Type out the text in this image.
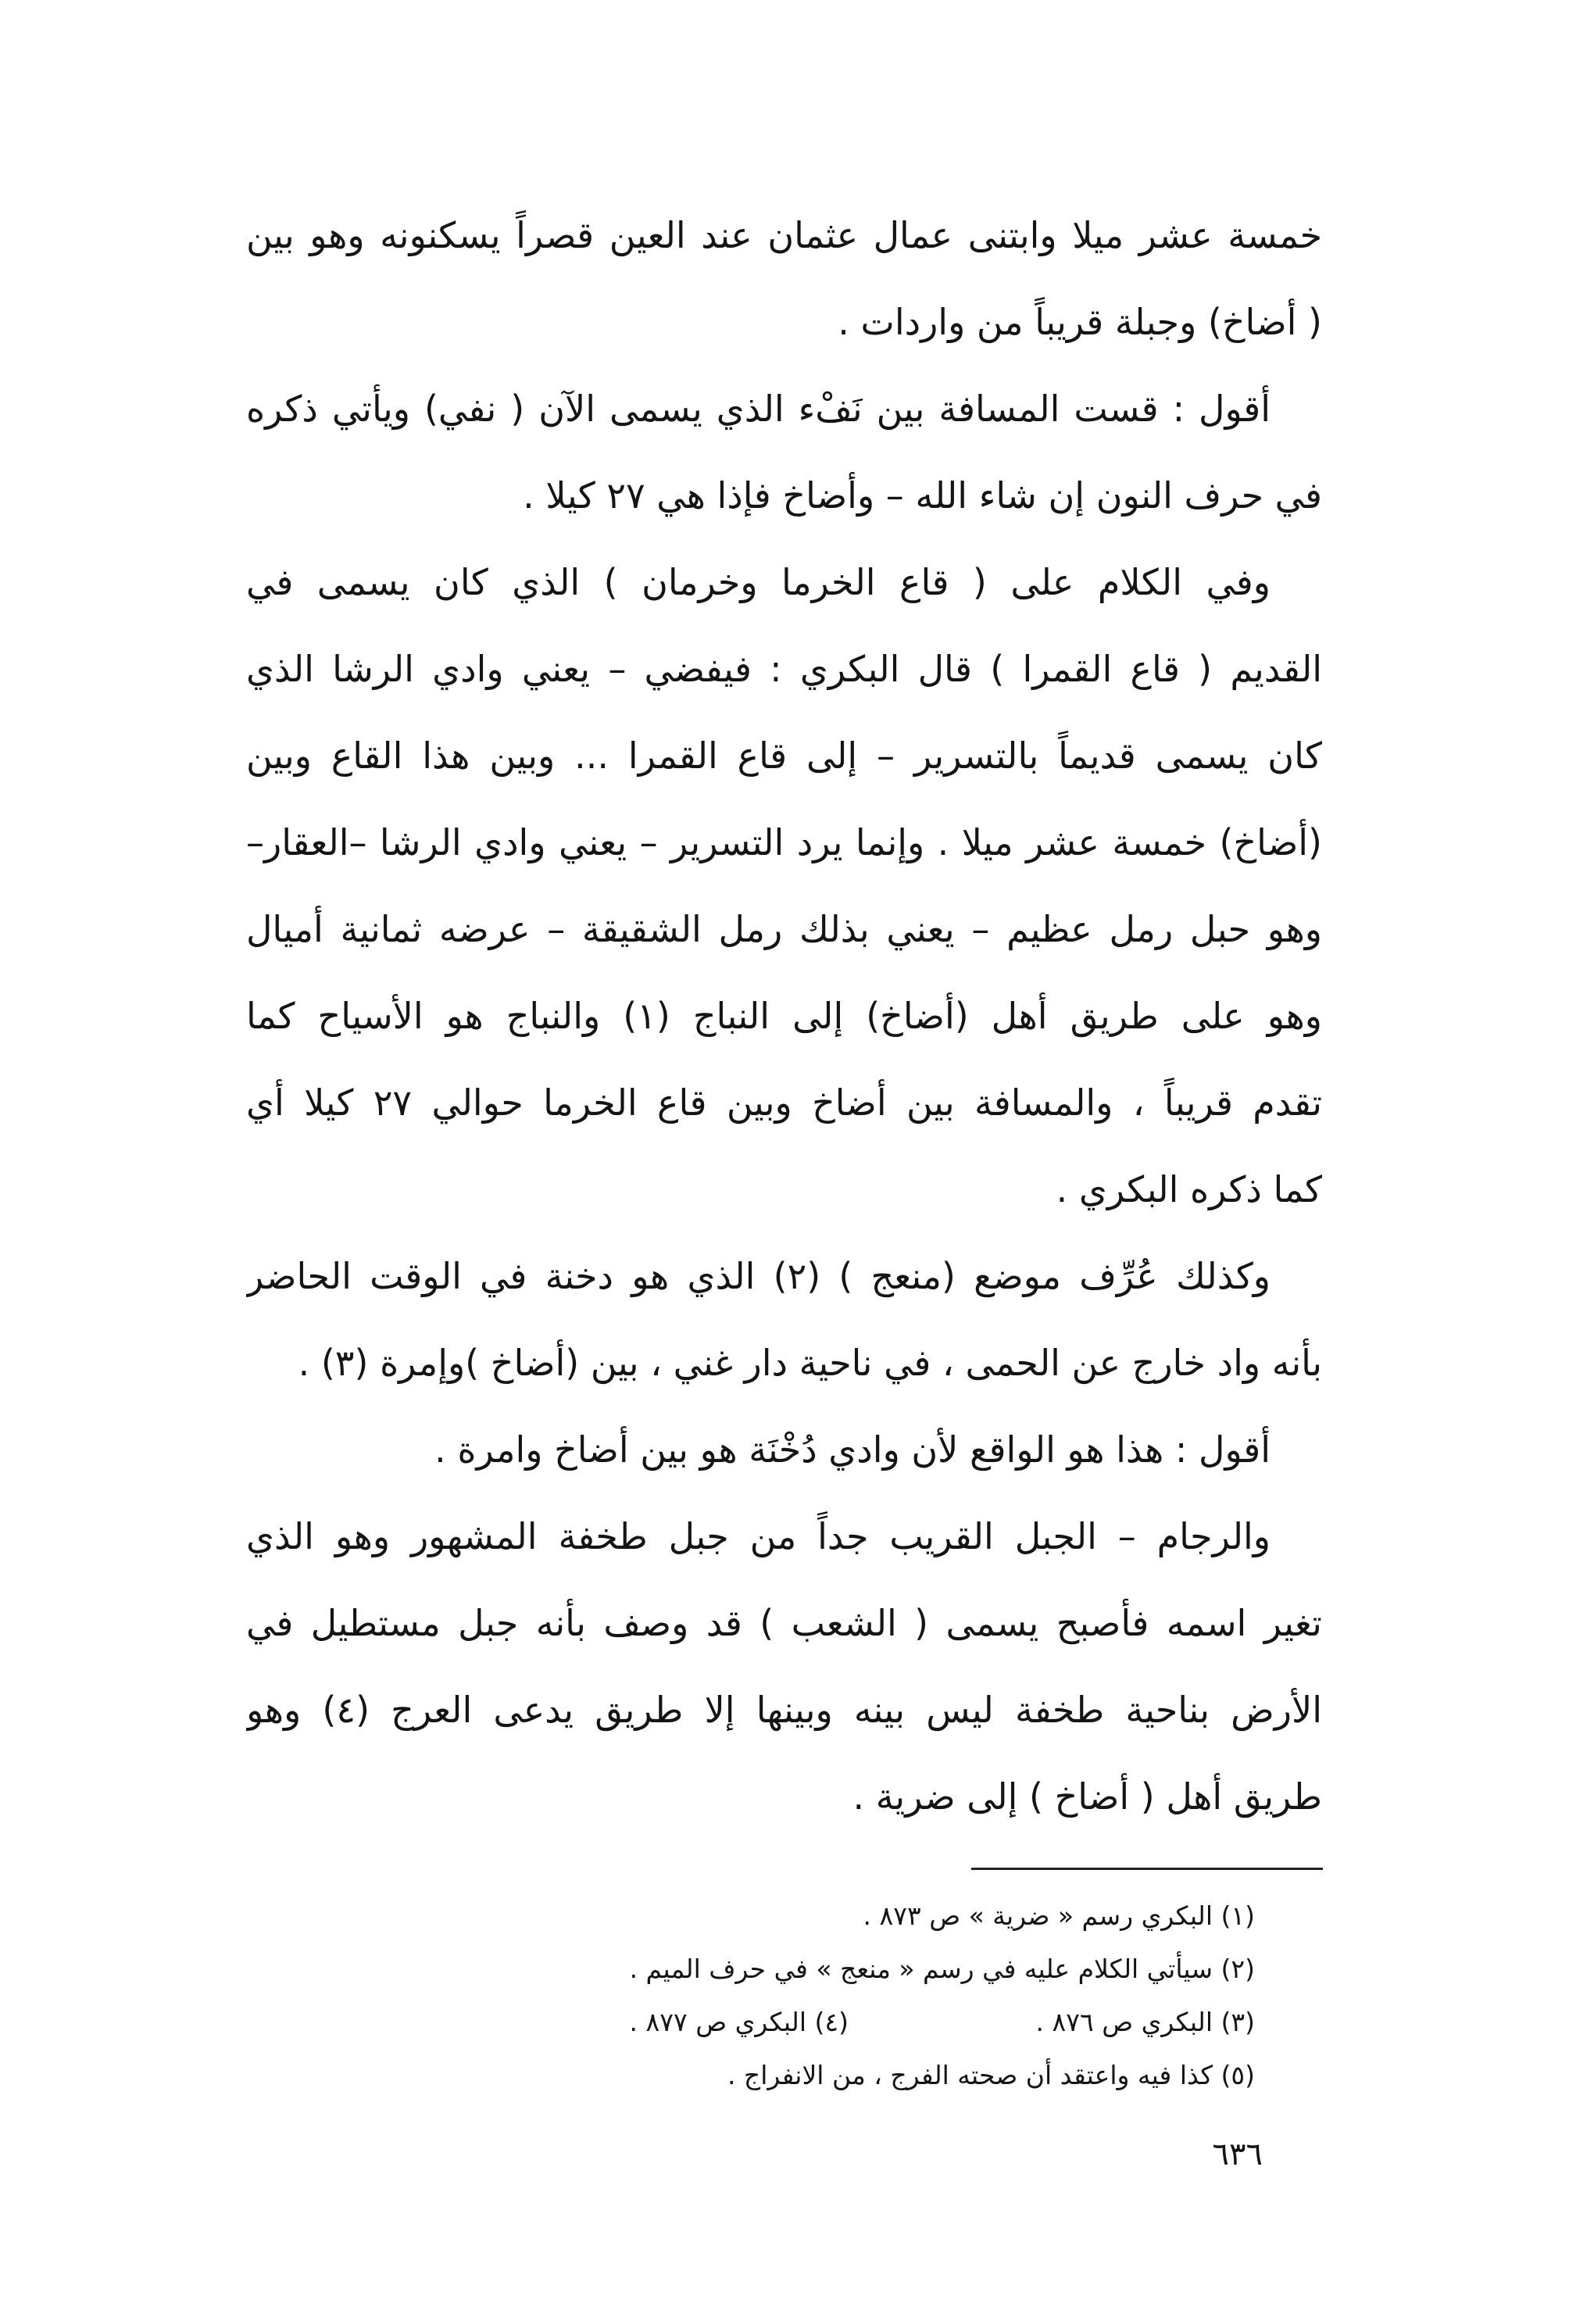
خمسة عشر ميلا وابتنى عمال عثمان عند العين قصراً يسكنونه وهو بين
( أضاخ) وجبلة قريباً من واردات .
أقول : قست المسافة بين نَفْء الذي يسمى الآن ( نفي) ويأتي ذكره
في حرف النون إن شاء الله – وأضاخ فإذا هي ٢٧ كيلا .
وفي الكلام على ( قاع الخرما وخرمان ) الذي كان يسمى في
القديم ( قاع القمرا ) قال البكري : فيفضي – يعني وادي الرشا الذي
كان يسمى قديماً بالتسرير – إلى قاع القمرا ... وبين هذا القاع وبين
(أضاخ) خمسة عشر ميلا . وإنما يرد التسرير – يعني وادي الرشا –العقار–
وهو حبل رمل عظيم – يعني بذلك رمل الشقيقة – عرضه ثمانية أميال
وهو على طريق أهل (أضاخ) إلى النباج (١) والنباج هو الأسياح كما
تقدم قريباً ، والمسافة بين أضاخ وبين قاع الخرما حوالي ٢٧ كيلا أي
كما ذكره البكري .
وكذلك عُرِّف موضع (منعج ) (٢) الذي هو دخنة في الوقت الحاضر
بأنه واد خارج عن الحمى ، في ناحية دار غني ، بين (أضاخ )وإمرة (٣) .
أقول : هذا هو الواقع لأن وادي دُخْنَة هو بين أضاخ وامرة .
والرجام – الجبل القريب جداً من جبل طخفة المشهور وهو الذي
تغير اسمه فأصبح يسمى ( الشعب ) قد وصف بأنه جبل مستطيل في
الأرض بناحية طخفة ليس بينه وبينها إلا طريق يدعى العرج (٤) وهو
طريق أهل ( أضاخ ) إلى ضرية .
(١) البكري رسم « ضرية » ص ٨٧٣ .
(٢) سيأتي الكلام عليه في رسم « منعج » في حرف الميم .
(٣) البكري ص ٨٧٦ .(٤) البكري ص ٨٧٧ .
(٥) كذا فيه واعتقد أن صحته الفرج ، من الانفراج .
٦٣٦
